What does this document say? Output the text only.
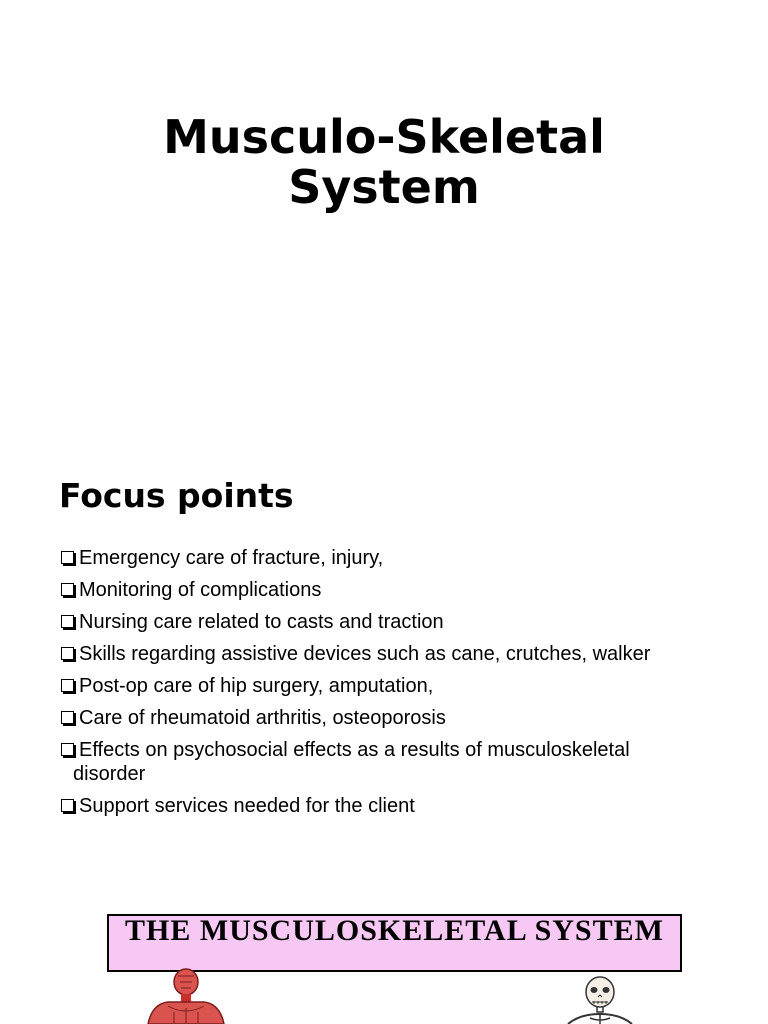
Musculo-Skeletal
System
Focus points
Emergency care of fracture, injury,
Monitoring of complications
Nursing care related to casts and traction
Skills regarding assistive devices such as cane, crutches, walker
Post-op care of hip surgery, amputation,
Care of rheumatoid arthritis, osteoporosis
Effects on psychosocial effects as a results of musculoskeletal
disorder
Support services needed for the client
THE MUSCULOSKELETAL SYSTEM
